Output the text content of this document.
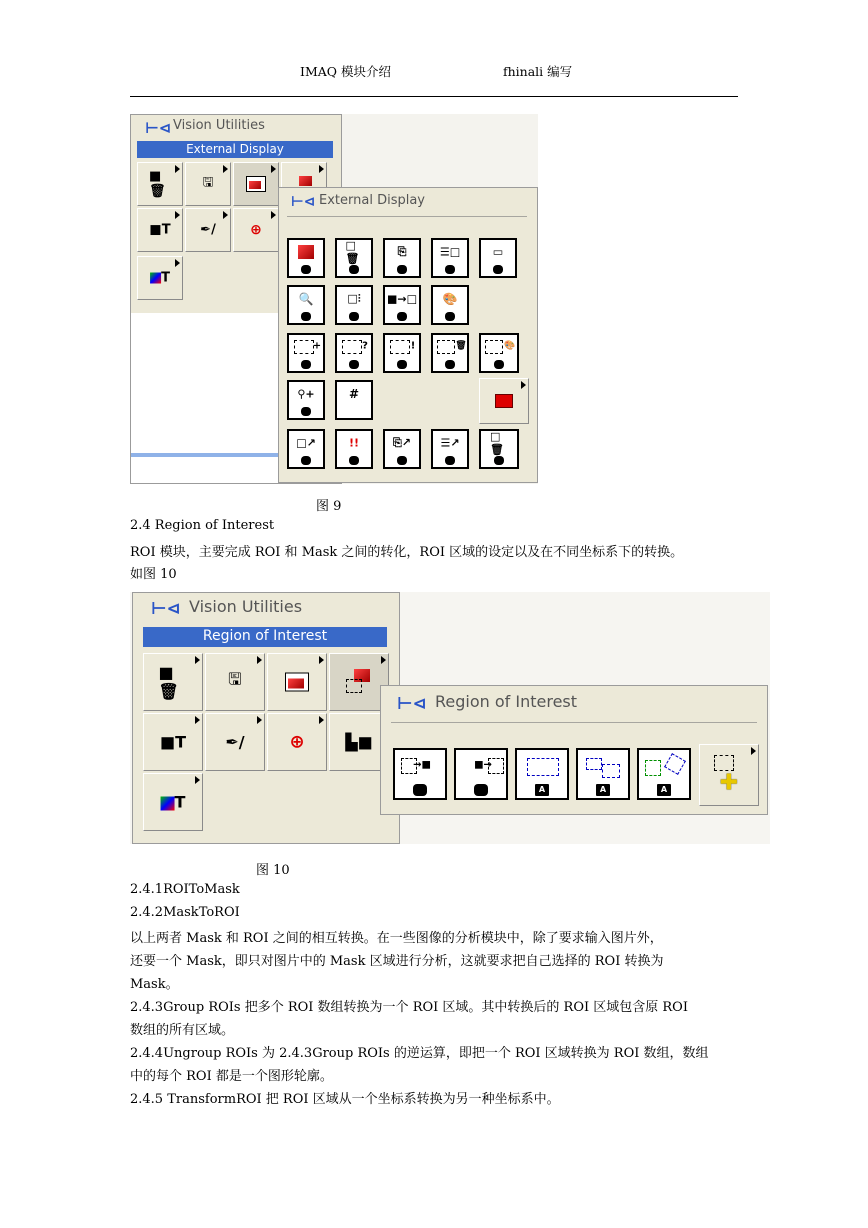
IMAQ 模块介绍	fhinali 编写
⊢⊲ Vision Utilities
External Display
■🗑
🖫
■T ✒/ ⊕
T
⊢⊲ External Display
□🗑
⎘	☰□	▭
🔍	□⫶ ■→□ 🎨
+	?	!	🗑	🎨
⚲+	#
□↗	!!	⎘↗	☰↗	□🗑
图 9
2.4 Region of Interest
ROI 模块，主要完成 ROI 和 Mask 之间的转化，ROI 区域的设定以及在不同坐标系下的转换。
如图 10
⊢⊲ Vision Utilities
Region of Interest
■🗑
🖫
■T ✒/ ⊕	▙■
T
⊢⊲ Region of Interest
→■	■→
A	A	A ✚
图 10
2.4.1ROIToMask
2.4.2MaskToROI
以上两者 Mask 和 ROI 之间的相互转换。在一些图像的分析模块中，除了要求输入图片外，
还要一个 Mask，即只对图片中的 Mask 区域进行分析，这就要求把自己选择的 ROI 转换为
Mask。
2.4.3Group ROIs 把多个 ROI 数组转换为一个 ROI 区域。其中转换后的 ROI 区域包含原 ROI
数组的所有区域。
2.4.4Ungroup ROIs 为 2.4.3Group ROIs 的逆运算，即把一个 ROI 区域转换为 ROI 数组，数组
中的每个 ROI 都是一个图形轮廓。
2.4.5 TransformROI 把 ROI 区域从一个坐标系转换为另一种坐标系中。
